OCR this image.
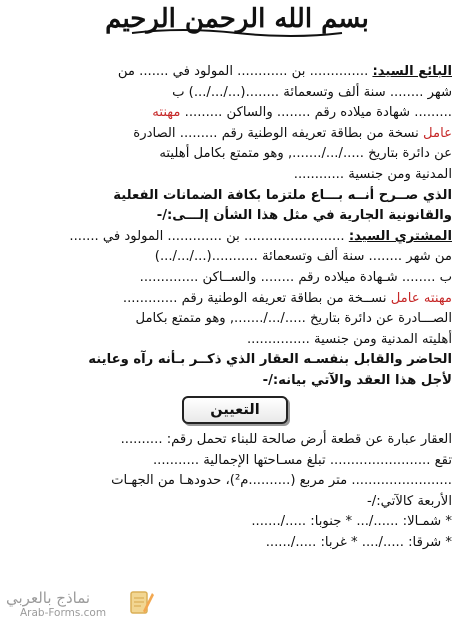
بسم الله الرحمن الرحيم
البائع السيد: .............. بن ............ المولود في ....... من
شهر ........ سنة ألف وتسعمائة ........(.../.../...) ب
......... شهادة ميلاده رقم ........ والساكن ......... مهنته
عامل نسخة من بطاقة تعريفه الوطنية رقم ......... الصادرة
عن دائرة بتاريخ ...../.../......., وهو متمتع بكامل أهليته
المدنية ومن جنسية ............
الذي صــرح أنــه بـــاع ملتزما بكافة الضمانات الفعلية
والقانونية الجارية في مثل هذا الشأن إلـــى:/-
المشتري السيد: ........................ بن ............. المولود في .......
من شهر ........ سنة ألف وتسعمائة ...........(.../.../...)
ب ........ شـهادة ميلاده رقم ........ والســاكن ..............
مهنته عامل نســخة من بطاقة تعريفه الوطنية رقم .............
الصـــادرة عن دائرة بتاريخ ...../.../......., وهو متمتع بكامل
أهليته المدنية ومن جنسية ...............
الحاضر والقابل بنفسـه العقار الذي ذكــر بـأنه رآه وعاينه
لأجل هذا العقد والآتي بيانه:/-
التعيين
العقار عبارة عن قطعة أرض صالحة للبناء تحمل رقم: ..........
تقع ........................ تبلغ مسـاحتها الإجمالية ...........
........................ متر مربع (..........م²)، حدودهـا من الجهـات
الأربعة كالآتي:/-
* شمـالا: ....../... * جنوبا: ...../.......
* شرقا: ...../.... * غربا: ...../......
نماذج بالعربي
Arab-Forms.com
